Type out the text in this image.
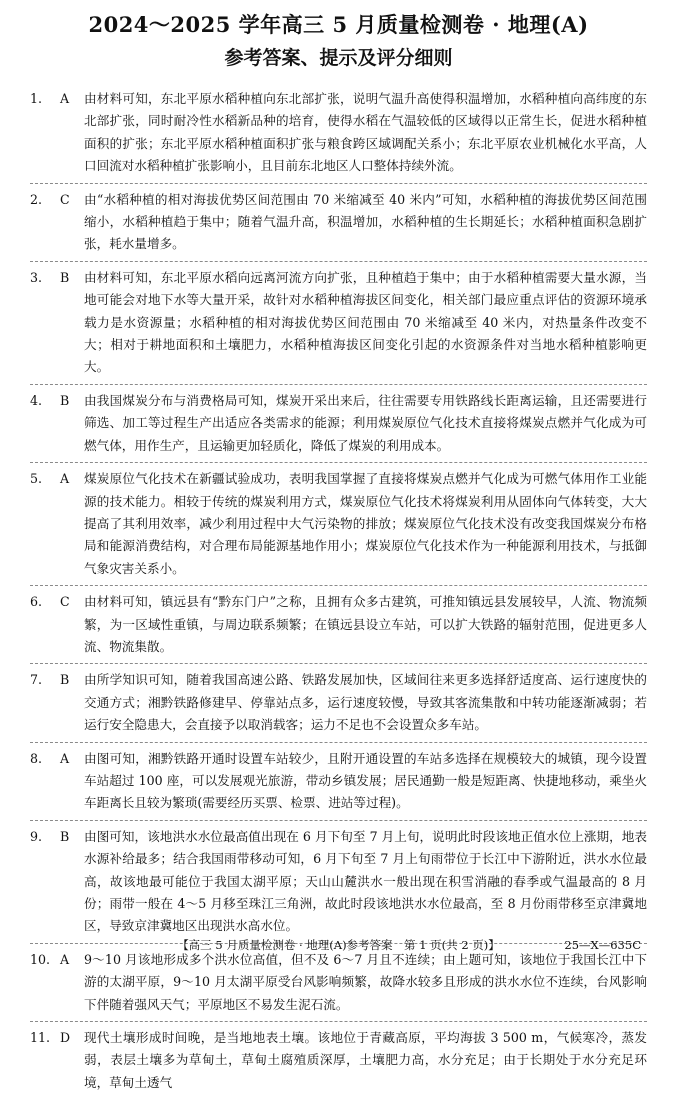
2024～2025 学年高三 5 月质量检测卷 · 地理(A)
参考答案、提示及评分细则
1.	A	由材料可知，东北平原水稻种植向东北部扩张，说明气温升高使得积温增加，水稻种植向高纬度的东北部扩张，同时耐冷性水稻新品种的培育，使得水稻在气温较低的区域得以正常生长，促进水稻种植面积的扩张；东北平原水稻种植面积扩张与粮食跨区域调配关系小；东北平原农业机械化水平高，人口回流对水稻种植扩张影响小，且目前东北地区人口整体持续外流。
2.	C	由“水稻种植的相对海拔优势区间范围由 70 米缩减至 40 米内”可知，水稻种植的海拔优势区间范围缩小，水稻种植趋于集中；随着气温升高，积温增加，水稻种植的生长期延长；水稻种植面积急剧扩张，耗水量增多。
3.	B	由材料可知，东北平原水稻向远离河流方向扩张，且种植趋于集中；由于水稻种植需要大量水源，当地可能会对地下水等大量开采，故针对水稻种植海拔区间变化，相关部门最应重点评估的资源环境承载力是水资源量；水稻种植的相对海拔优势区间范围由 70 米缩减至 40 米内，对热量条件改变不大；相对于耕地面积和土壤肥力，水稻种植海拔区间变化引起的水资源条件对当地水稻种植影响更大。
4.	B	由我国煤炭分布与消费格局可知，煤炭开采出来后，往往需要专用铁路线长距离运输，且还需要进行筛选、加工等过程生产出适应各类需求的能源；利用煤炭原位气化技术直接将煤炭点燃并气化成为可燃气体，用作生产，且运输更加轻质化，降低了煤炭的利用成本。
5.	A	煤炭原位气化技术在新疆试验成功，表明我国掌握了直接将煤炭点燃并气化成为可燃气体用作工业能源的技术能力。相较于传统的煤炭利用方式，煤炭原位气化技术将煤炭利用从固体向气体转变，大大提高了其利用效率，减少利用过程中大气污染物的排放；煤炭原位气化技术没有改变我国煤炭分布格局和能源消费结构，对合理布局能源基地作用小；煤炭原位气化技术作为一种能源利用技术，与抵御气象灾害关系小。
6.	C	由材料可知，镇远县有“黔东门户”之称，且拥有众多古建筑，可推知镇远县发展较早，人流、物流频繁，为一区域性重镇，与周边联系频繁；在镇远县设立车站，可以扩大铁路的辐射范围，促进更多人流、物流集散。
7.	B	由所学知识可知，随着我国高速公路、铁路发展加快，区域间往来更多选择舒适度高、运行速度快的交通方式；湘黔铁路修建早、停靠站点多，运行速度较慢，导致其客流集散和中转功能逐渐减弱；若运行安全隐患大，会直接予以取消载客；运力不足也不会设置众多车站。
8.	A	由图可知，湘黔铁路开通时设置车站较少，且附开通设置的车站多选择在规模较大的城镇，现今设置车站超过 100 座，可以发展观光旅游，带动乡镇发展；居民通勤一般是短距离、快捷地移动，乘坐火车距离长且较为繁琐(需要经历买票、检票、进站等过程)。
9.	B	由图可知，该地洪水水位最高值出现在 6 月下旬至 7 月上旬，说明此时段该地正值水位上涨期，地表水源补给最多；结合我国雨带移动可知，6 月下旬至 7 月上旬雨带位于长江中下游附近，洪水水位最高，故该地最可能位于我国太湖平原；天山山麓洪水一般出现在积雪消融的春季或气温最高的 8 月份；雨带一般在 4～5 月移至珠江三角洲，故此时段该地洪水水位最高，至 8 月份雨带移至京津冀地区，导致京津冀地区出现洪水高水位。
10. A	9～10 月该地形成多个洪水位高值，但不及 6～7 月且不连续；由上题可知，该地位于我国长江中下游的太湖平原，9～10 月太湖平原受台风影响频繁，故降水较多且形成的洪水水位不连续，台风影响下伴随着强风天气；平原地区不易发生泥石流。
11. D	现代土壤形成时间晚，是当地地表土壤。该地位于青藏高原，平均海拔 3 500 m，气候寒冷，蒸发弱，表层土壤多为草甸土，草甸土腐殖质深厚，土壤肥力高，水分充足；由于长期处于水分充足环境，草甸土透气
【高三 5 月质量检测卷 · 地理(A)参考答案　第 1 页(共 2 页)】	25—X—635C
